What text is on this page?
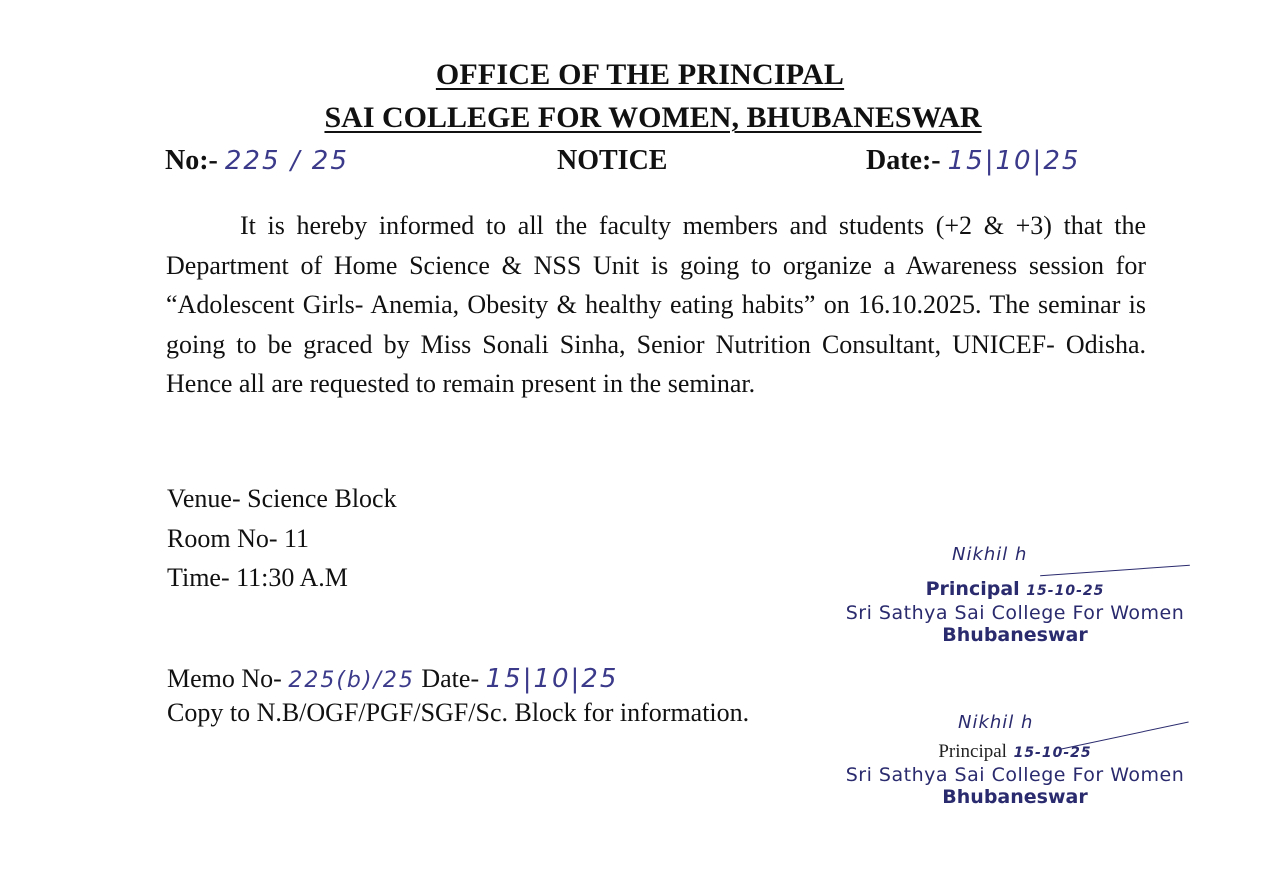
OFFICE OF THE PRINCIPAL
SAI COLLEGE FOR WOMEN, BHUBANESWAR
No:- 225 / 25	NOTICE	Date:- 15|10|25
It is hereby informed to all the faculty members and students (+2 & +3) that the Department of Home Science & NSS Unit is going to organize a Awareness session for “Adolescent Girls- Anemia, Obesity & healthy eating habits” on 16.10.2025. The seminar is going to be graced by Miss Sonali Sinha, Senior Nutrition Consultant, UNICEF- Odisha. Hence all are requested to remain present in the seminar.
Venue- Science Block
Room No- 11
Time- 11:30 A.M
Nikhil h
Principal 15-10-25
Sri Sathya Sai College For Women
Bhubaneswar
Memo No- 225(b)/25 Date- 15|10|25
Copy to N.B/OGF/PGF/SGF/Sc. Block for information.	Nikhil h
Principal 15-10-25
Sri Sathya Sai College For Women
Bhubaneswar
